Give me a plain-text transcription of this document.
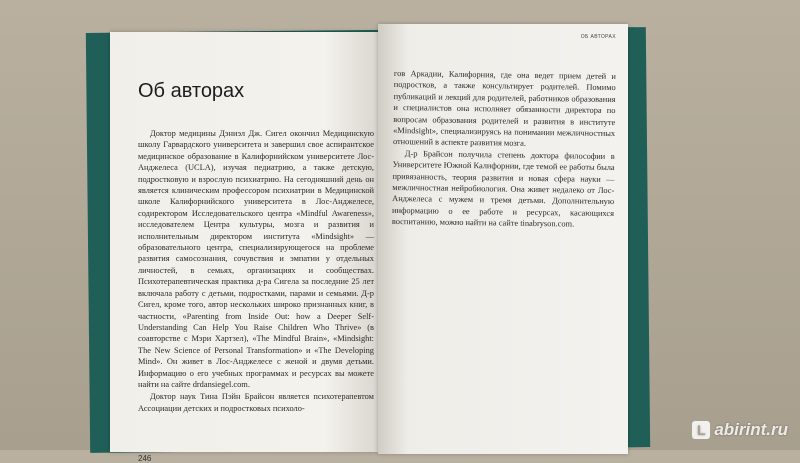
Об авторах

Доктор медицины Дэниэл Дж. Сигел окончил Медицинскую школу Гарвардского университета и завершил свое аспирантское медицинское образование в Калифорнийском университете Лос-Анджелеса (UCLA), изучая педиатрию, а также детскую, подростковую и взрослую психиатрию. На сегодняшний день он является клиническим профессором психиатрии в Медицинской школе Калифорнийского университета в Лос-Анджелесе, содиректором Исследовательского центра «Mindful Awareness», исследователем Центра культуры, мозга и развития и исполнительным директором института «Mindsight» — образовательного центра, специализирующегося на проблеме развития самосознания, сочувствия и эмпатии у отдельных личностей, в семьях, организациях и сообществах. Психотерапевтическая практика д-ра Сигела за последние 25 лет включала работу с детьми, подростками, парами и семьями. Д-р Сигел, кроме того, автор нескольких широко признанных книг, в частности, «Parenting from Inside Out: how a Deeper Self-Understanding Can Help You Raise Children Who Thrive» (в соавторстве с Мэри Хартзел), «The Mindful Brain», «Mindsight: The New Science of Personal Transformation» и «The Developing Mind». Он живет в Лос-Анджелесе с женой и двумя детьми. Информацию о его учебных программах и ресурсах вы можете найти на сайте drdansiegel.com.

Доктор наук Тина Пэйн Брайсон является психотерапевтом Ассоциации детских и подростковых психоло-

246
ОБ АВТОРАХ

гов Аркадии, Калифорния, где она ведет прием детей и подростков, а также консультирует родителей. Помимо публикаций и лекций для родителей, работников образования и специалистов она исполняет обязанности директора по вопросам образования родителей и развития в институте «Mindsight», специализируясь на понимании межличностных отношений в аспекте развития мозга.

Д-р Брайсон получила степень доктора философии в Университете Южной Калифорнии, где темой ее работы была привязанность, теория развития и новая сфера науки — межличностная нейробиология. Она живет недалеко от Лос-Анджелеса с мужем и тремя детьми. Дополнительную информацию о ее работе и ресурсах, касающихся воспитанию, можно найти на сайте tinabryson.com.

L abirint.ru
